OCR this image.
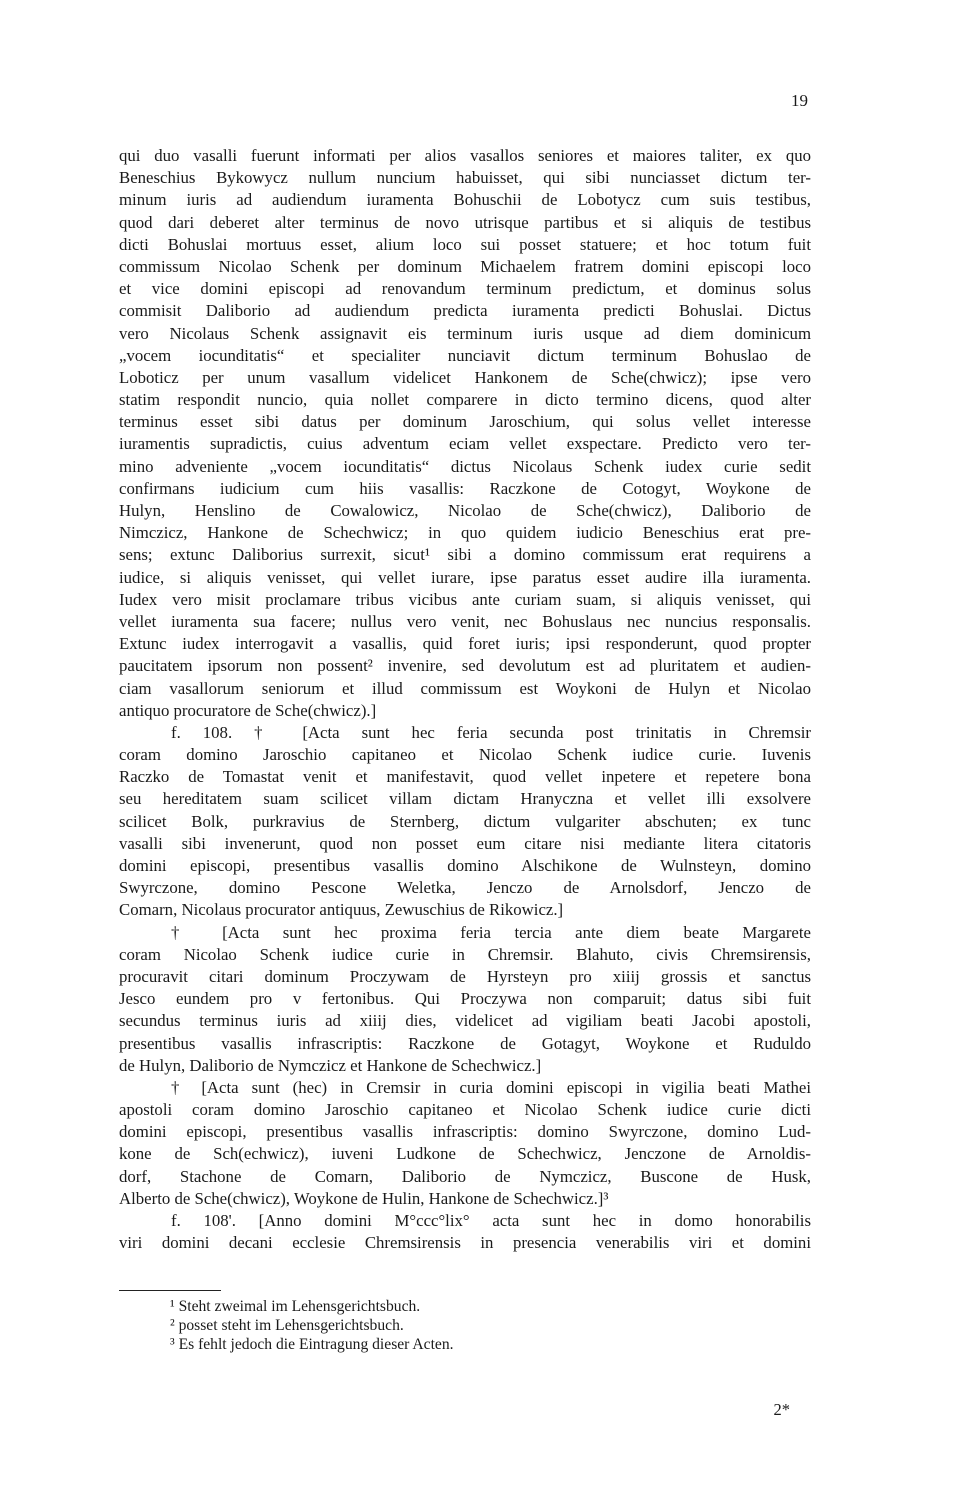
19
qui duo vasalli fuerunt informati per alios vasallos seniores et maiores taliter, ex quo
Beneschius Bykowycz nullum nuncium habuisset, qui sibi nunciasset dictum ter-
minum iuris ad audiendum iuramenta Bohuschii de Lobotycz cum suis testibus,
quod dari deberet alter terminus de novo utrisque partibus et si aliquis de testibus
dicti Bohuslai mortuus esset, alium loco sui posset statuere; et hoc totum fuit
commissum Nicolao Schenk per dominum Michaelem fratrem domini episcopi loco
et vice domini episcopi ad renovandum terminum predictum, et dominus solus
commisit Daliborio ad audiendum predicta iuramenta predicti Bohuslai. Dictus
vero Nicolaus Schenk assignavit eis terminum iuris usque ad diem dominicum
„vocem iocunditatis“ et specialiter nunciavit dictum terminum Bohuslao de
Loboticz per unum vasallum videlicet Hankonem de Sche(chwicz); ipse vero
statim respondit nuncio, quia nollet comparere in dicto termino dicens, quod alter
terminus esset sibi datus per dominum Jaroschium, qui solus vellet interesse
iuramentis supradictis, cuius adventum eciam vellet exspectare. Predicto vero ter-
mino adveniente „vocem iocunditatis“ dictus Nicolaus Schenk iudex curie sedit
confirmans iudicium cum hiis vasallis: Raczkone de Cotogyt, Woykone de
Hulyn, Henslino de Cowalowicz, Nicolao de Sche(chwicz), Daliborio de
Nimczicz, Hankone de Schechwicz; in quo quidem iudicio Beneschius erat pre-
sens; extunc Daliborius surrexit, sicut¹ sibi a domino commissum erat requirens a
iudice, si aliquis venisset, qui vellet iurare, ipse paratus esset audire illa iuramenta.
Iudex vero misit proclamare tribus vicibus ante curiam suam, si aliquis venisset, qui
vellet iuramenta sua facere; nullus vero venit, nec Bohuslaus nec nuncius responsalis.
Extunc iudex interrogavit a vasallis, quid foret iuris; ipsi responderunt, quod propter
paucitatem ipsorum non possent² invenire, sed devolutum est ad pluritatem et audien-
ciam vasallorum seniorum et illud commissum est Woykoni de Hulyn et Nicolao
antiquo procuratore de Sche(chwicz).]
f. 108. † [Acta sunt hec feria secunda post trinitatis in Chremsir
coram domino Jaroschio capitaneo et Nicolao Schenk iudice curie. Iuvenis
Raczko de Tomastat venit et manifestavit, quod vellet inpetere et repetere bona
seu hereditatem suam scilicet villam dictam Hranyczna et vellet illi exsolvere
scilicet Bolk, purkravius de Sternberg, dictum vulgariter abschuten; ex tunc
vasalli sibi invenerunt, quod non posset eum citare nisi mediante litera citatoris
domini episcopi, presentibus vasallis domino Alschikone de Wulnsteyn, domino
Swyrczone, domino Pescone Weletka, Jenczo de Arnolsdorf, Jenczo de
Comarn, Nicolaus procurator antiquus, Zewuschius de Rikowicz.]
† [Acta sunt hec proxima feria tercia ante diem beate Margarete
coram Nicolao Schenk iudice curie in Chremsir. Blahuto, civis Chremsirensis,
procuravit citari dominum Proczywam de Hyrsteyn pro xiiij grossis et sanctus
Jesco eundem pro v fertonibus. Qui Proczywa non comparuit; datus sibi fuit
secundus terminus iuris ad xiiij dies, videlicet ad vigiliam beati Jacobi apostoli,
presentibus vasallis infrascriptis: Raczkone de Gotagyt, Woykone et Ruduldo
de Hulyn, Daliborio de Nymczicz et Hankone de Schechwicz.]
† [Acta sunt (hec) in Cremsir in curia domini episcopi in vigilia beati Mathei
apostoli coram domino Jaroschio capitaneo et Nicolao Schenk iudice curie dicti
domini episcopi, presentibus vasallis infrascriptis: domino Swyrczone, domino Lud-
kone de Sch(echwicz), iuveni Ludkone de Schechwicz, Jenczone de Arnoldis-
dorf, Stachone de Comarn, Daliborio de Nymczicz, Buscone de Husk,
Alberto de Sche(chwicz), Woykone de Hulin, Hankone de Schechwicz.]³
f. 108'. [Anno domini M°ccc°lix° acta sunt hec in domo honorabilis
viri domini decani ecclesie Chremsirensis in presencia venerabilis viri et domini
¹ Steht zweimal im Lehensgerichtsbuch.
² posset steht im Lehensgerichtsbuch.
³ Es fehlt jedoch die Eintragung dieser Acten.
2*
